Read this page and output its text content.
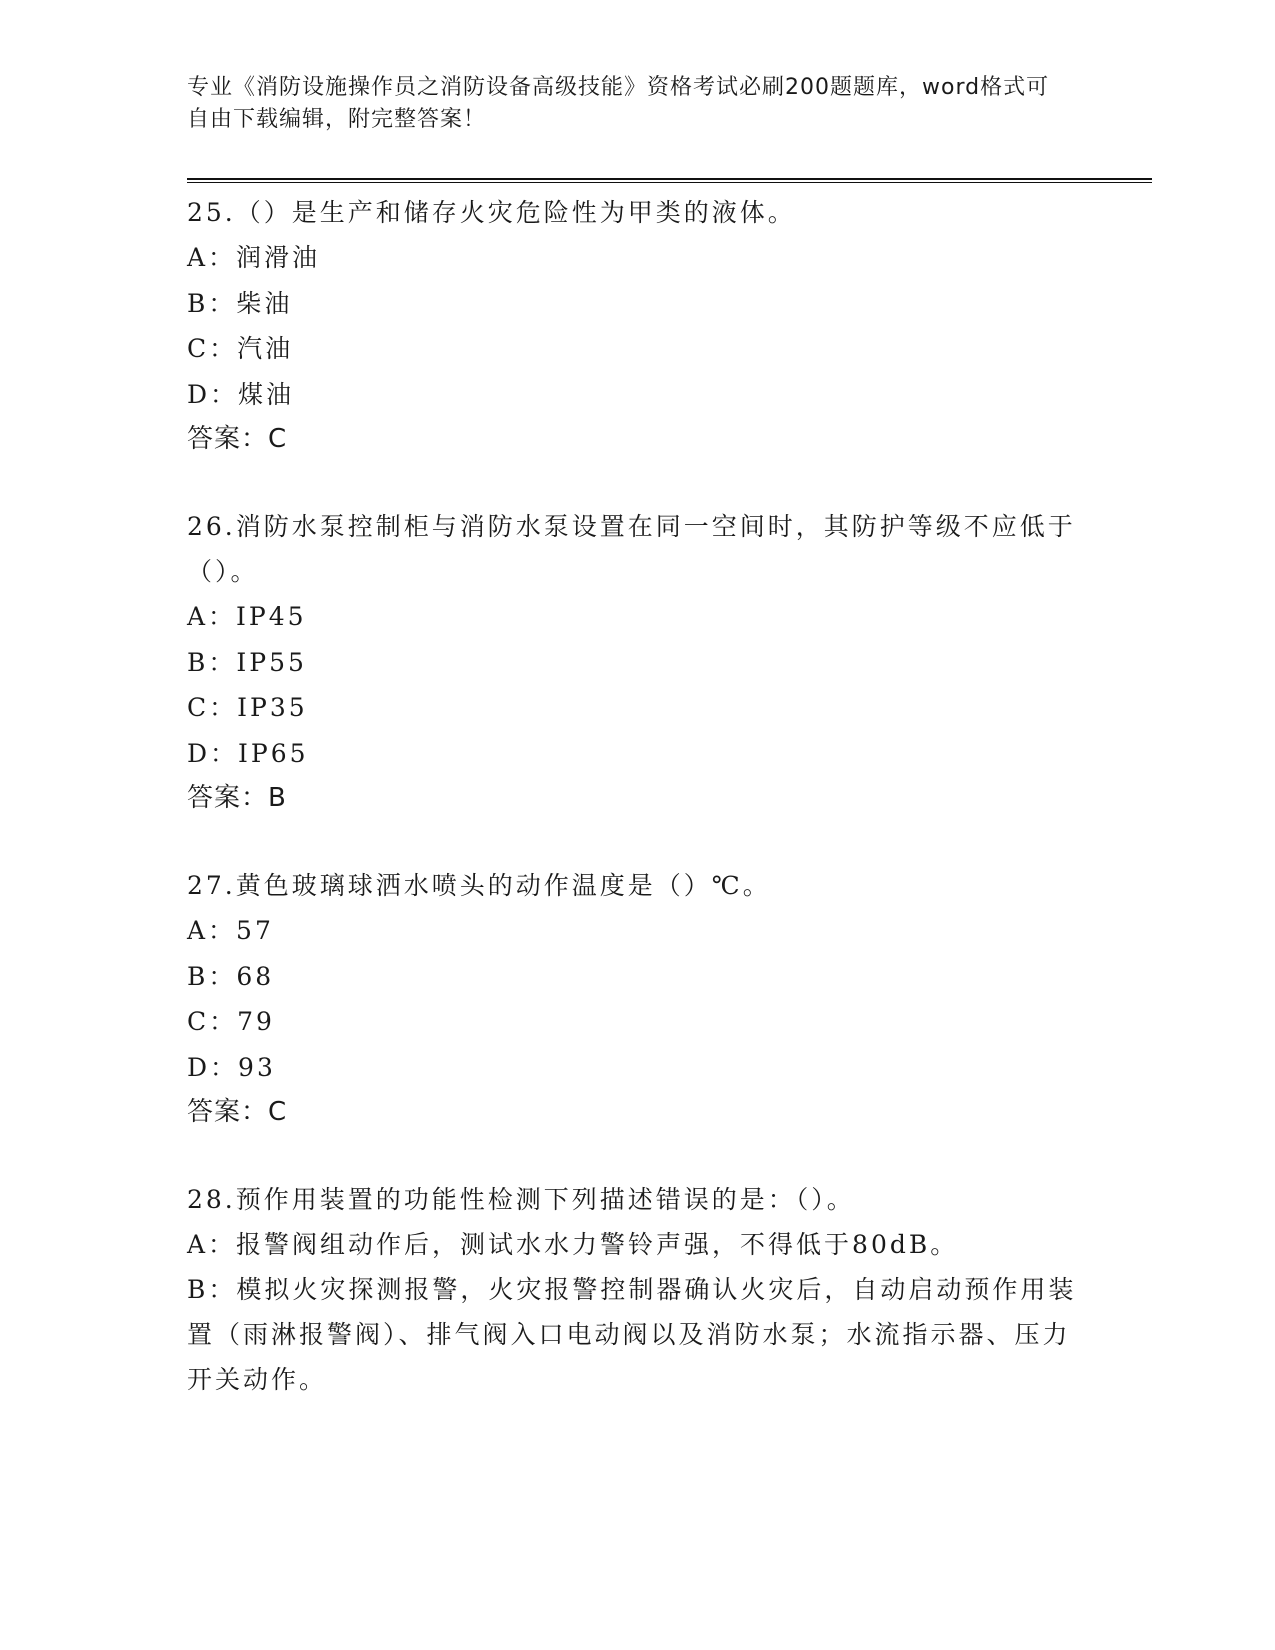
专业《消防设施操作员之消防设备高级技能》资格考试必刷200题题库，word格式可自由下载编辑，附完整答案！
25.（）是生产和储存火灾危险性为甲类的液体。
A：润滑油
B：柴油
C：汽油
D：煤油
答案：C
26.消防水泵控制柜与消防水泵设置在同一空间时，其防护等级不应低于（）。
A：IP45
B：IP55
C：IP35
D：IP65
答案：B
27.黄色玻璃球洒水喷头的动作温度是（）℃。
A：57
B：68
C：79
D：93
答案：C
28.预作用装置的功能性检测下列描述错误的是：（）。
A：报警阀组动作后，测试水水力警铃声强，不得低于80dB。
B：模拟火灾探测报警，火灾报警控制器确认火灾后，自动启动预作用装置（雨淋报警阀）、排气阀入口电动阀以及消防水泵；水流指示器、压力开关动作。
